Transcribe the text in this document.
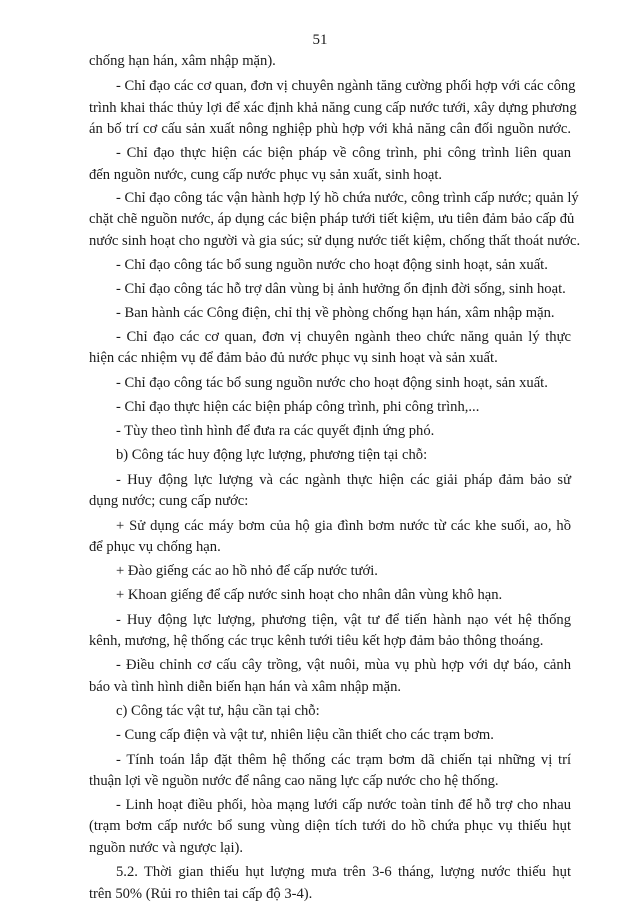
51
chống hạn hán, xâm nhập mặn).
- Chỉ đạo các cơ quan, đơn vị chuyên ngành tăng cường phối hợp với các công
trình khai thác thủy lợi để xác định khả năng cung cấp nước tưới, xây dựng phương
án bố trí cơ cấu sản xuất nông nghiệp phù hợp với khả năng cân đối nguồn nước.
- Chỉ đạo thực hiện các biện pháp về công trình, phi công trình liên quan
đến nguồn nước, cung cấp nước phục vụ sản xuất, sinh hoạt.
- Chỉ đạo công tác vận hành hợp lý hồ chứa nước, công trình cấp nước; quản lý
chặt chẽ nguồn nước, áp dụng các biện pháp tưới tiết kiệm, ưu tiên đảm bảo cấp đủ
nước sinh hoạt cho người và gia súc; sử dụng nước tiết kiệm, chống thất thoát nước.
- Chỉ đạo công tác bổ sung nguồn nước cho hoạt động sinh hoạt, sản xuất.
- Chỉ đạo công tác hỗ trợ dân vùng bị ảnh hưởng ổn định đời sống, sinh hoạt.
- Ban hành các Công điện, chỉ thị về phòng chống hạn hán, xâm nhập mặn.
- Chỉ đạo các cơ quan, đơn vị chuyên ngành theo chức năng quản lý thực
hiện các nhiệm vụ để đảm bảo đủ nước phục vụ sinh hoạt và sản xuất.
- Chỉ đạo công tác bổ sung nguồn nước cho hoạt động sinh hoạt, sản xuất.
- Chỉ đạo thực hiện các biện pháp công trình, phi công trình,...
- Tùy theo tình hình để đưa ra các quyết định ứng phó.
b) Công tác huy động lực lượng, phương tiện tại chỗ:
- Huy động lực lượng và các ngành thực hiện các giải pháp đảm bảo sử
dụng nước; cung cấp nước:
+ Sử dụng các máy bơm của hộ gia đình bơm nước từ các khe suối, ao, hồ
để phục vụ chống hạn.
+ Đào giếng các ao hồ nhỏ để cấp nước tưới.
+ Khoan giếng để cấp nước sinh hoạt cho nhân dân vùng khô hạn.
- Huy động lực lượng, phương tiện, vật tư để tiến hành nạo vét hệ thống
kênh, mương, hệ thống các trục kênh tưới tiêu kết hợp đảm bảo thông thoáng.
- Điều chỉnh cơ cấu cây trồng, vật nuôi, mùa vụ phù hợp với dự báo, cảnh
báo và tình hình diễn biến hạn hán và xâm nhập mặn.
c) Công tác vật tư, hậu cần tại chỗ:
- Cung cấp điện và vật tư, nhiên liệu cần thiết cho các trạm bơm.
- Tính toán lắp đặt thêm hệ thống các trạm bơm dã chiến tại những vị trí
thuận lợi về nguồn nước để nâng cao năng lực cấp nước cho hệ thống.
- Linh hoạt điều phối, hòa mạng lưới cấp nước toàn tỉnh để hỗ trợ cho nhau
(trạm bơm cấp nước bổ sung vùng diện tích tưới do hồ chứa phục vụ thiếu hụt
nguồn nước và ngược lại).
5.2. Thời gian thiếu hụt lượng mưa trên 3-6 tháng, lượng nước thiếu hụt
trên 50% (Rủi ro thiên tai cấp độ 3-4).
